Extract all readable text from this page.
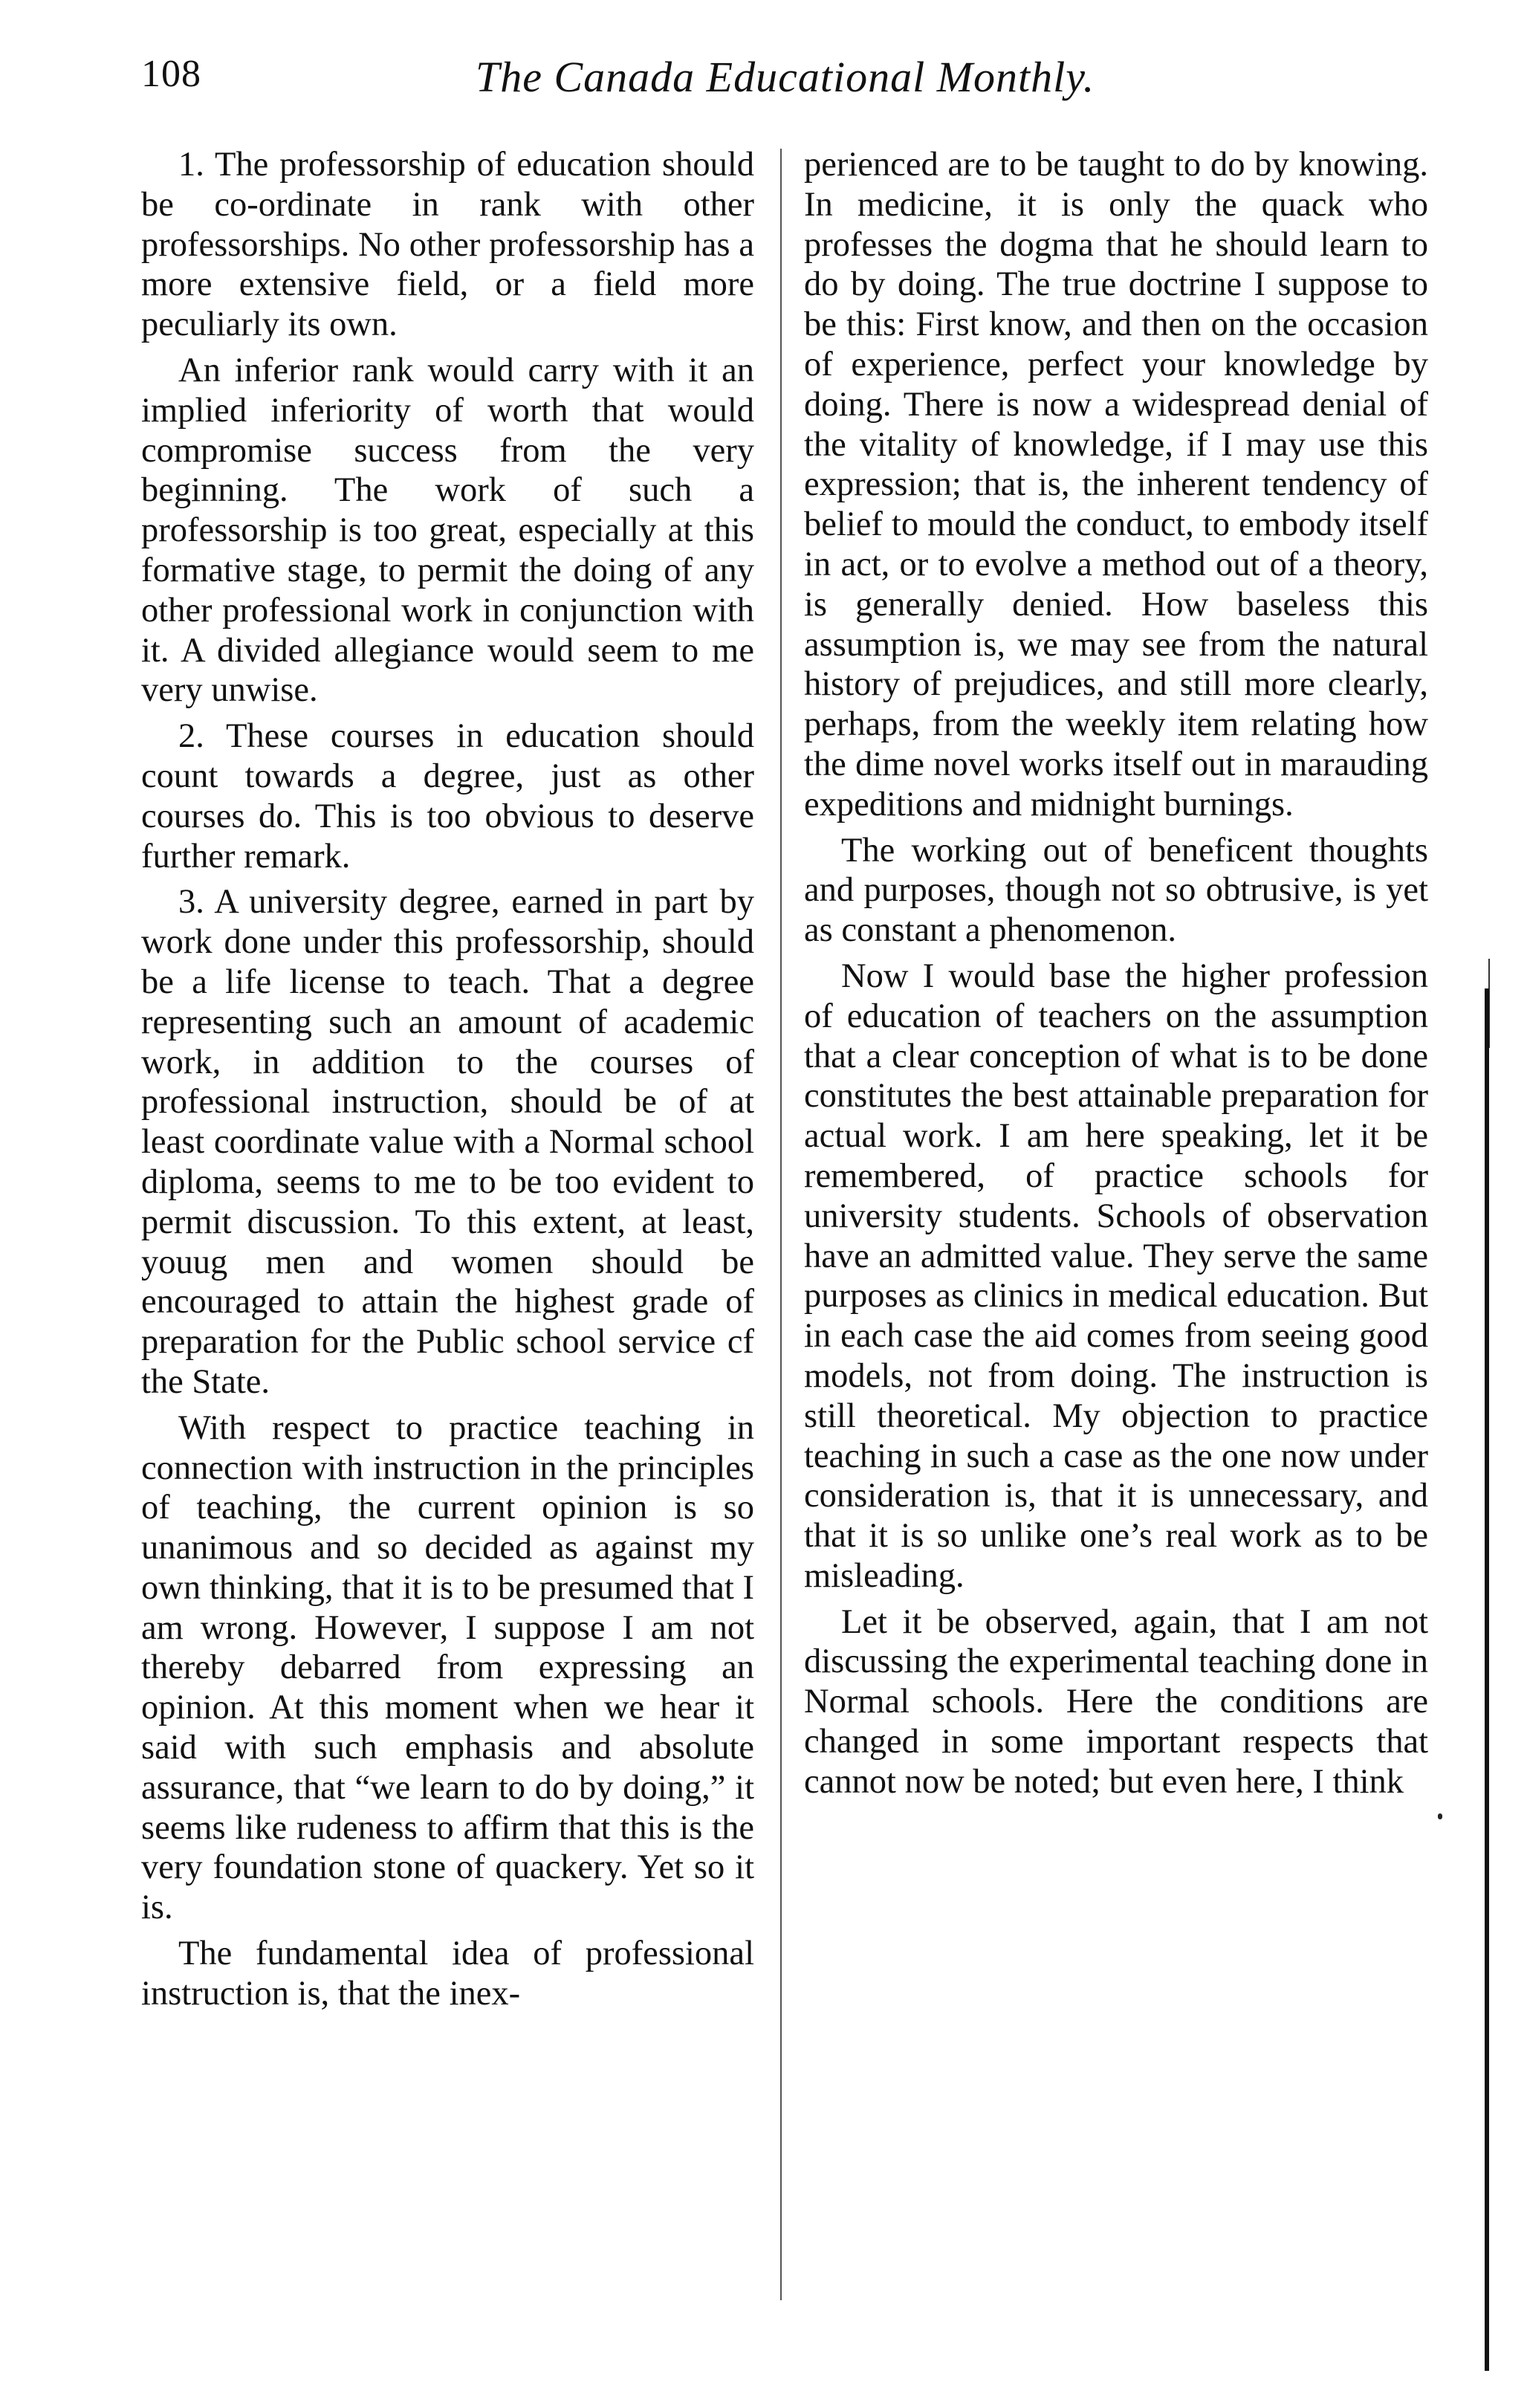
108	The Canada Educational Monthly.

1. The professorship of education should be co-ordinate in rank with other professorships. No other professorship has a more extensive field, or a field more peculiarly its own.

An inferior rank would carry with it an implied inferiority of worth that would compromise success from the very beginning. The work of such a professorship is too great, especially at this formative stage, to permit the doing of any other professional work in conjunction with it. A divided allegiance would seem to me very unwise.

2. These courses in education should count towards a degree, just as other courses do. This is too obvious to deserve further remark.

3. A university degree, earned in part by work done under this professorship, should be a life license to teach. That a degree representing such an amount of academic work, in addition to the courses of professional instruction, should be of at least coordinate value with a Normal school diploma, seems to me to be too evident to permit discussion. To this extent, at least, youug men and women should be encouraged to attain the highest grade of preparation for the Public school service cf the State.

With respect to practice teaching in connection with instruction in the principles of teaching, the current opinion is so unanimous and so decided as against my own thinking, that it is to be presumed that I am wrong. However, I suppose I am not thereby debarred from expressing an opinion. At this moment when we hear it said with such emphasis and absolute assurance, that “we learn to do by doing,” it seems like rudeness to affirm that this is the very foundation stone of quackery. Yet so it is.

The fundamental idea of professional instruction is, that the inex-

perienced are to be taught to do by knowing. In medicine, it is only the quack who professes the dogma that he should learn to do by doing. The true doctrine I suppose to be this: First know, and then on the occasion of experience, perfect your knowledge by doing. There is now a widespread denial of the vitality of knowledge, if I may use this expression; that is, the inherent tendency of belief to mould the conduct, to embody itself in act, or to evolve a method out of a theory, is generally denied. How baseless this assumption is, we may see from the natural history of prejudices, and still more clearly, perhaps, from the weekly item relating how the dime novel works itself out in marauding expeditions and midnight burnings.

The working out of beneficent thoughts and purposes, though not so obtrusive, is yet as constant a phenomenon.

Now I would base the higher profession of education of teachers on the assumption that a clear conception of what is to be done constitutes the best attainable preparation for actual work. I am here speaking, let it be remembered, of practice schools for university students. Schools of observation have an admitted value. They serve the same purposes as clinics in medical education. But in each case the aid comes from seeing good models, not from doing. The instruction is still theoretical. My objection to practice teaching in such a case as the one now under consideration is, that it is unnecessary, and that it is so unlike one’s real work as to be misleading.

Let it be observed, again, that I am not discussing the experimental teaching done in Normal schools. Here the conditions are changed in some important respects that cannot now be noted; but even here, I think
